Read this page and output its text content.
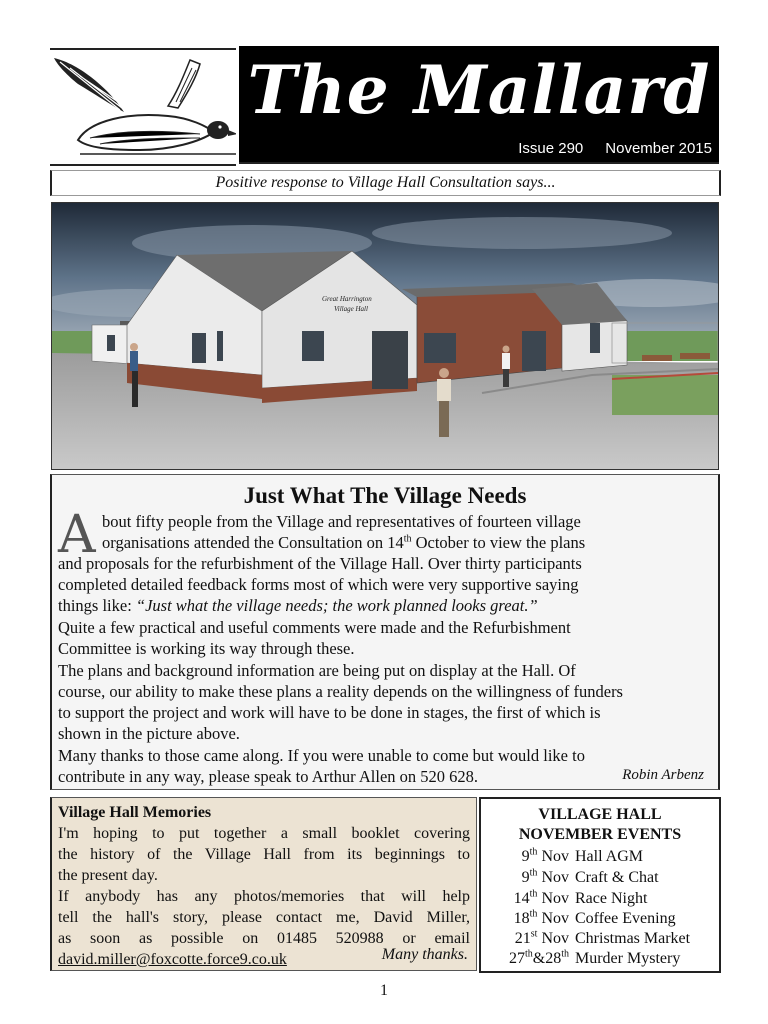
The Mallard
Issue 290 November 2015
Positive response to Village Hall Consultation says...
Great Harrington
Village Hall
Just What The Village Needs
A bout fifty people from the Village and representatives of fourteen village
organisations attended the Consultation on 14th October to view the plans
and proposals for the refurbishment of the Village Hall. Over thirty participants
completed detailed feedback forms most of which were very supportive saying
things like: “Just what the village needs; the work planned looks great.”
Quite a few practical and useful comments were made and the Refurbishment
Committee is working its way through these.
The plans and background information are being put on display at the Hall. Of
course, our ability to make these plans a reality depends on the willingness of funders
to support the project and work will have to be done in stages, the first of which is
shown in the picture above.
Many thanks to those came along. If you were unable to come but would like to
contribute in any way, please speak to Arthur Allen on 520 628.	Robin Arbenz
Village Hall Memories
I'm hoping to put together a small booklet covering
the history of the Village Hall from its beginnings to
the present day.
If anybody has any photos/memories that will help
tell the hall's story, please contact me, David Miller,
as soon as possible on 01485 520988 or email
david.miller@foxcotte.force9.co.uk	Many thanks.
VILLAGE HALL
NOVEMBER EVENTS
9th Nov Hall AGM
9th Nov Craft & Chat
14th Nov Race Night
18th Nov Coffee Evening
21st Nov Christmas Market
27th&28th Murder Mystery
1
